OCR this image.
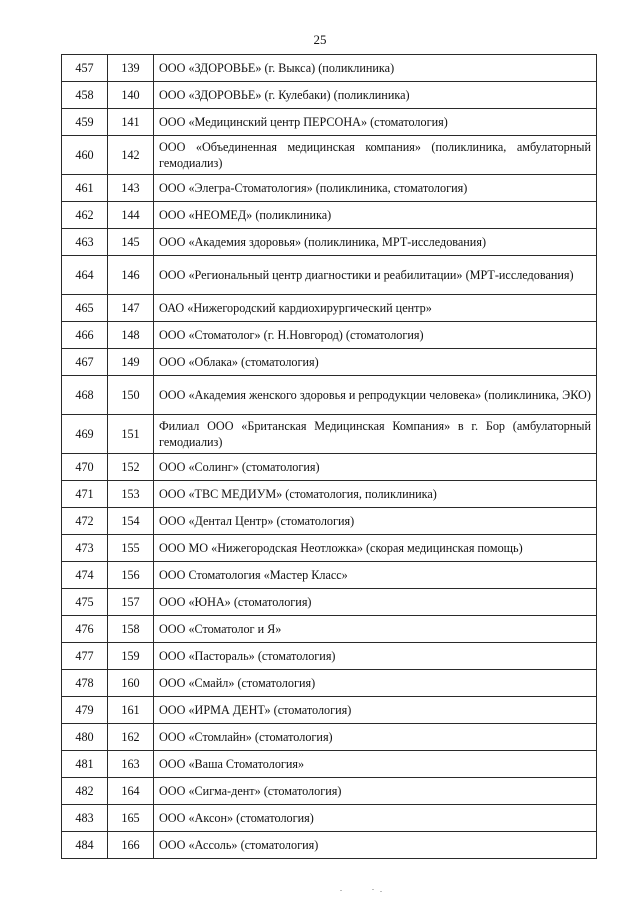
25
457	139	ООО «ЗДОРОВЬЕ» (г. Выкса) (поликлиника)
458	140	ООО «ЗДОРОВЬЕ» (г. Кулебаки) (поликлиника)
459	141	ООО «Медицинский центр ПЕРСОНА» (стоматология)
460	142	ООО «Объединенная медицинская компания» (поликлиника, амбулаторный гемодиализ)
461	143	ООО «Элегра-Стоматология» (поликлиника, стоматология)
462	144	ООО «НЕОМЕД» (поликлиника)
463	145	ООО «Академия здоровья» (поликлиника, МРТ-исследования)
464	146	ООО «Региональный центр диагностики и реабилитации» (МРТ-исследования)
465	147	ОАО «Нижегородский кардиохирургический центр»
466	148	ООО «Стоматолог» (г. Н.Новгород) (стоматология)
467	149	ООО «Облака» (стоматология)
468	150	ООО «Академия женского здоровья и репродукции человека» (поликлиника, ЭКО)
469	151	Филиал ООО «Британская Медицинская Компания» в г. Бор (амбулаторный гемодиализ)
470	152	ООО «Солинг» (стоматология)
471	153	ООО «ТВС МЕДИУМ» (стоматология, поликлиника)
472	154	ООО «Дентал Центр» (стоматология)
473	155	ООО МО «Нижегородская Неотложка» (скорая медицинская помощь)
474	156	ООО Стоматология «Мастер Класс»
475	157	ООО «ЮНА» (стоматология)
476	158	ООО «Стоматолог и Я»
477	159	ООО «Пастораль» (стоматология)
478	160	ООО «Смайл» (стоматология)
479	161	ООО «ИРМА ДЕНТ» (стоматология)
480	162	ООО «Стомлайн» (стоматология)
481	163	ООО «Ваша Стоматология»
482	164	ООО «Сигма-дент» (стоматология)
483	165	ООО «Аксон» (стоматология)
484	166	ООО «Ассоль» (стоматология)
